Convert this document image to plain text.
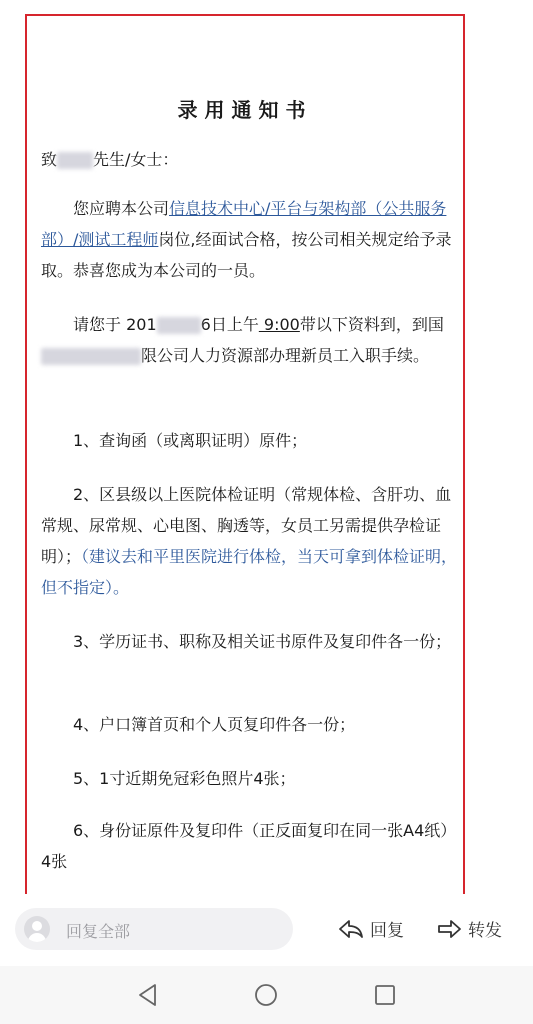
录用通知书
致 先生/女士：
您应聘本公司信息技术中心/平台与架构部（公共服务部）/测试工程师岗位,经面试合格，按公司相关规定给予录取。恭喜您成为本公司的一员。
请您于 201	6日上午 9:00带以下资料到，到国限公司人力资源部办理新员工入职手续。
1、查询函（或离职证明）原件；
2、区县级以上医院体检证明（常规体检、含肝功、血常规、尿常规、心电图、胸透等，女员工另需提供孕检证明）；（建议去和平里医院进行体检，当天可拿到体检证明，但不指定）。
3、学历证书、职称及相关证书原件及复印件各一份；
4、户口簿首页和个人页复印件各一份；
5、1寸近期免冠彩色照片4张；
6、身份证原件及复印件（正反面复印在同一张A4纸）4张
回复全部	回复	转发
